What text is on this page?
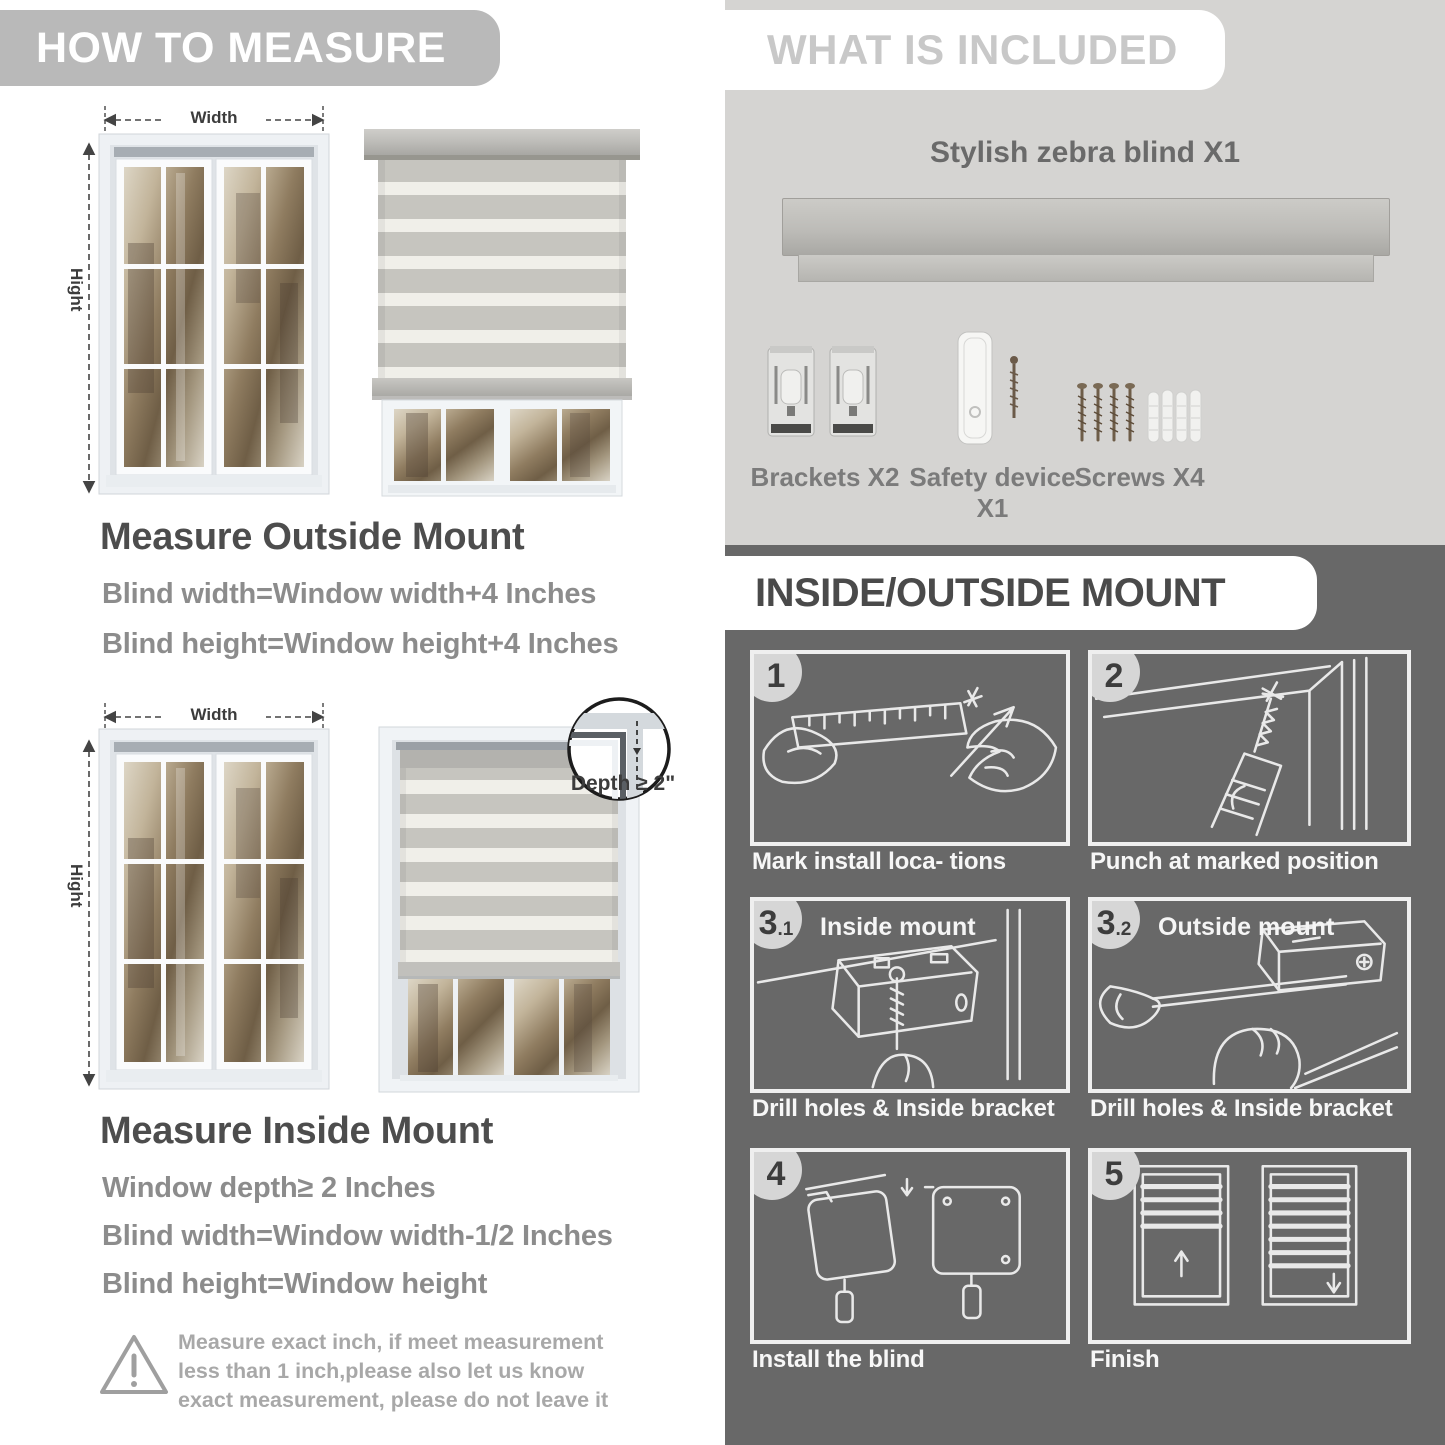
HOW TO MEASURE
Width
Hight
Measure Outside Mount
Blind width=Window width+4 Inches
Blind height=Window height+4 Inches
Width
Hight
Depth ≥ 2"
Measure Inside Mount
Window depth≥ 2 Inches
Blind width=Window width-1/2 Inches
Blind height=Window height
Measure exact inch, if meet measurement less than 1 inch,please also let us know exact measurement, please do not leave it
WHAT IS INCLUDED
Stylish zebra blind X1
Brackets X2 Safety device X1
Screws X4
INSIDE/OUTSIDE MOUNT
1
Mark install loca- tions
2
Punch at marked position
3 .1 Inside mount
Drill holes & Inside bracket
3 .2 Outside mount
Drill holes & Inside bracket
4
Install the blind
5
Finish
